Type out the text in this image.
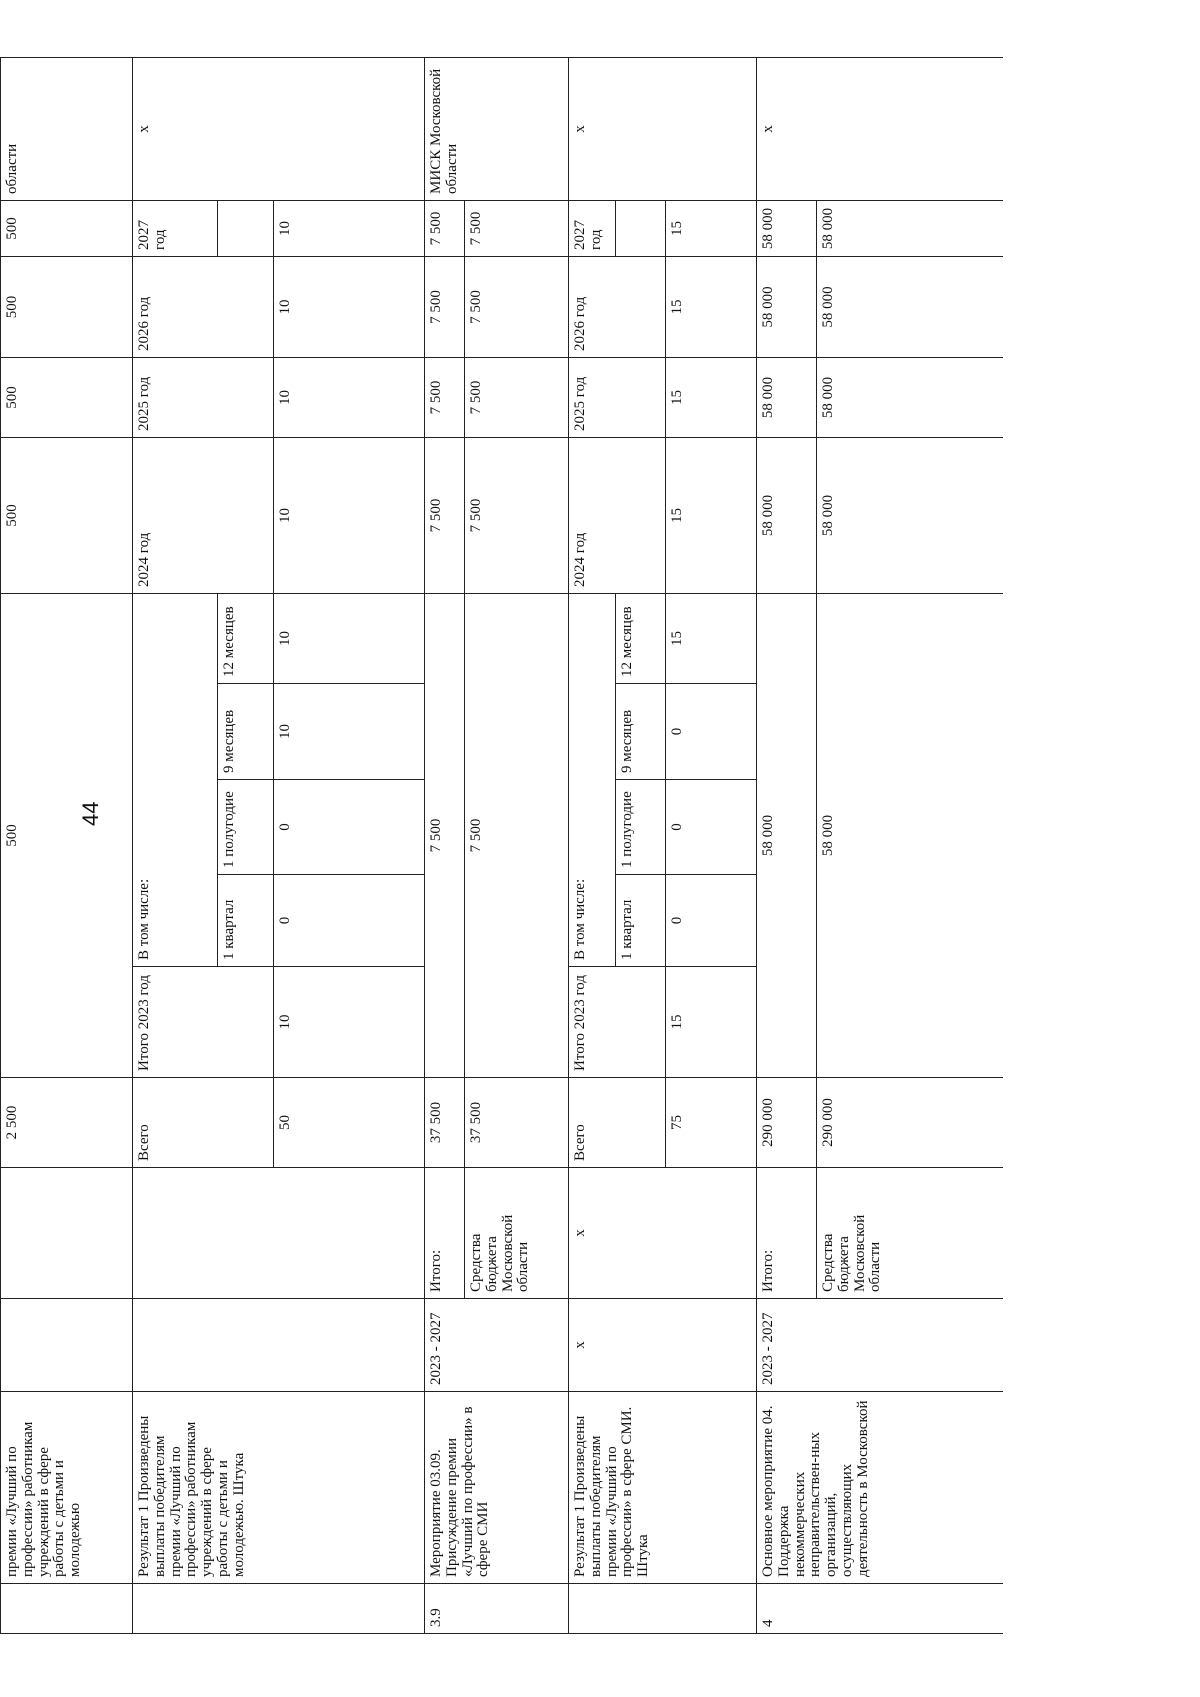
44
	премии «Лучший по профессии» работникам учреждений в сфере работы с детьми и молодежью			2 500	500					500	500	500	500	области
	Результат 1 Произведены выплаты победителям премии «Лучший по профессии» работникам учреждений в сфере работы с детьми и молодежью. Штука			Всего	Итого 2023 год	В том числе:				2024 год	2025 год	2026 год	2027 год	х
						1 квартал	1 полугодие	9 месяцев	12 месяцев					
				50	10	0	0	10	10	10	10	10	10	
3.9	Мероприятие 03.09. Присуждение премии «Лучший по профессии» в сфере СМИ	2023 - 2027	Итого:	37 500	7 500					7 500	7 500	7 500	7 500	МИСК Московской области
			Средства бюджета Московской области	37 500	7 500					7 500	7 500	7 500	7 500	
	Результат 1 Произведены выплаты победителям премии «Лучший по профессии» в сфере СМИ. Штука	х	х	Всего	Итого 2023 год	В том числе:				2024 год	2025 год	2026 год	2027 год	х
						1 квартал	1 полугодие	9 месяцев	12 месяцев					
				75	15	0	0	0	15	15	15	15	15	
4	Основное мероприятие 04. Поддержка некоммерческих неправительствен-ных организаций, осуществляющих деятельность в Московской	2023 - 2027	Итого:	290 000	58 000					58 000	58 000	58 000	58 000	х
			Средства бюджета Московской области	290 000	58 000					58 000	58 000	58 000	58 000	
